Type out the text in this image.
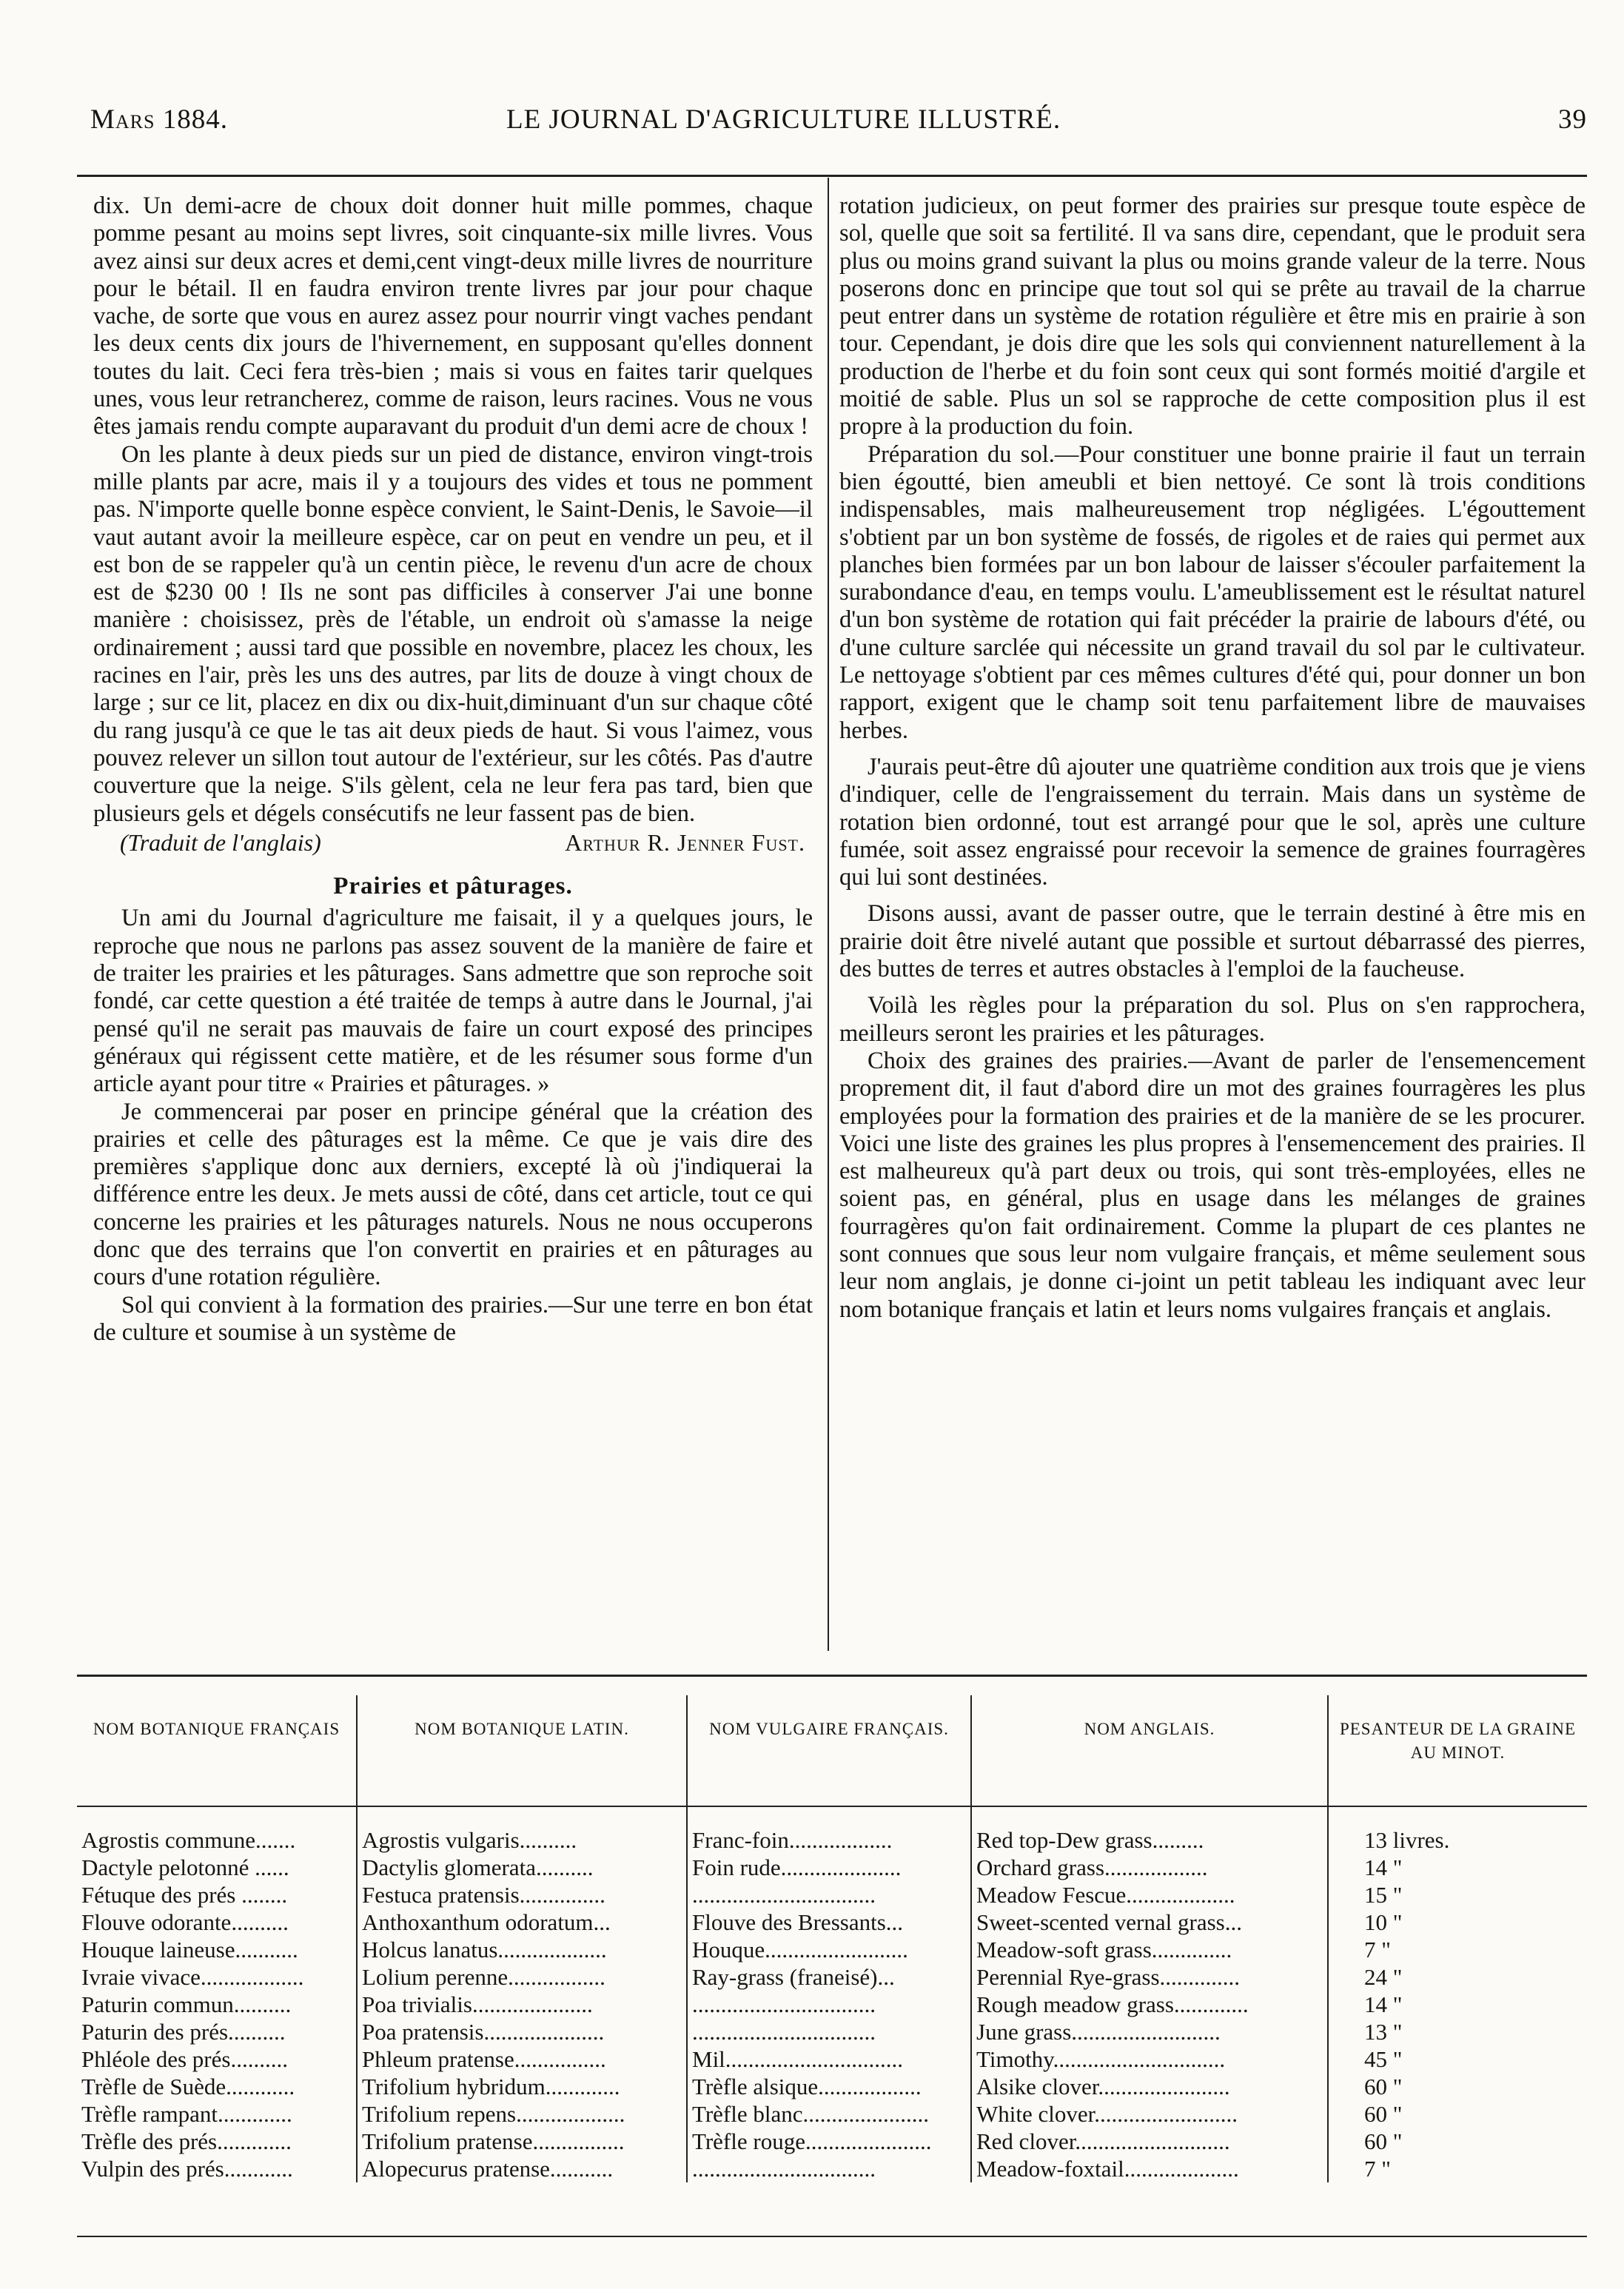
Mars 1884.	LE JOURNAL D'AGRICULTURE ILLUSTRÉ.	39

dix. Un demi-acre de choux doit donner huit mille pommes, chaque pomme pesant au moins sept livres, soit cinquante-six mille livres. Vous avez ainsi sur deux acres et demi,cent vingt-deux mille livres de nourriture pour le bétail. Il en faudra environ trente livres par jour pour chaque vache, de sorte que vous en aurez assez pour nourrir vingt vaches pendant les deux cents dix jours de l'hivernement, en supposant qu'elles donnent toutes du lait. Ceci fera très-bien ; mais si vous en faites tarir quelques unes, vous leur retrancherez, comme de raison, leurs racines. Vous ne vous êtes jamais rendu compte auparavant du produit d'un demi acre de choux !

On les plante à deux pieds sur un pied de distance, environ vingt-trois mille plants par acre, mais il y a toujours des vides et tous ne pomment pas. N'importe quelle bonne espèce convient, le Saint-Denis, le Savoie—il vaut autant avoir la meilleure espèce, car on peut en vendre un peu, et il est bon de se rappeler qu'à un centin pièce, le revenu d'un acre de choux est de $230 00 ! Ils ne sont pas difficiles à conserver J'ai une bonne manière : choisissez, près de l'étable, un endroit où s'amasse la neige ordinairement ; aussi tard que possible en novembre, placez les choux, les racines en l'air, près les uns des autres, par lits de douze à vingt choux de large ; sur ce lit, placez en dix ou dix-huit,diminuant d'un sur chaque côté du rang jusqu'à ce que le tas ait deux pieds de haut. Si vous l'aimez, vous pouvez relever un sillon tout autour de l'extérieur, sur les côtés. Pas d'autre couverture que la neige. S'ils gèlent, cela ne leur fera pas tard, bien que plusieurs gels et dégels consécutifs ne leur fassent pas de bien.

(Traduit de l'anglais)	Arthur R. Jenner Fust.
Prairies et pâturages.

Un ami du Journal d'agriculture me faisait, il y a quelques jours, le reproche que nous ne parlons pas assez souvent de la manière de faire et de traiter les prairies et les pâturages. Sans admettre que son reproche soit fondé, car cette question a été traitée de temps à autre dans le Journal, j'ai pensé qu'il ne serait pas mauvais de faire un court exposé des principes généraux qui régissent cette matière, et de les résumer sous forme d'un article ayant pour titre « Prairies et pâturages. »

Je commencerai par poser en principe général que la création des prairies et celle des pâturages est la même. Ce que je vais dire des premières s'applique donc aux derniers, excepté là où j'indiquerai la différence entre les deux. Je mets aussi de côté, dans cet article, tout ce qui concerne les prairies et les pâturages naturels. Nous ne nous occuperons donc que des terrains que l'on convertit en prairies et en pâturages au cours d'une rotation régulière.

Sol qui convient à la formation des prairies.—Sur une terre en bon état de culture et soumise à un système de

rotation judicieux, on peut former des prairies sur presque toute espèce de sol, quelle que soit sa fertilité. Il va sans dire, cependant, que le produit sera plus ou moins grand suivant la plus ou moins grande valeur de la terre. Nous poserons donc en principe que tout sol qui se prête au travail de la charrue peut entrer dans un système de rotation régulière et être mis en prairie à son tour. Cependant, je dois dire que les sols qui conviennent naturellement à la production de l'herbe et du foin sont ceux qui sont formés moitié d'argile et moitié de sable. Plus un sol se rapproche de cette composition plus il est propre à la production du foin.

Préparation du sol.—Pour constituer une bonne prairie il faut un terrain bien égoutté, bien ameubli et bien nettoyé. Ce sont là trois conditions indispensables, mais malheureusement trop négligées. L'égouttement s'obtient par un bon système de fossés, de rigoles et de raies qui permet aux planches bien formées par un bon labour de laisser s'écouler parfaitement la surabondance d'eau, en temps voulu. L'ameublissement est le résultat naturel d'un bon système de rotation qui fait précéder la prairie de labours d'été, ou d'une culture sarclée qui nécessite un grand travail du sol par le cultivateur. Le nettoyage s'obtient par ces mêmes cultures d'été qui, pour donner un bon rapport, exigent que le champ soit tenu parfaitement libre de mauvaises herbes.

J'aurais peut-être dû ajouter une quatrième condition aux trois que je viens d'indiquer, celle de l'engraissement du terrain. Mais dans un système de rotation bien ordonné, tout est arrangé pour que le sol, après une culture fumée, soit assez engraissé pour recevoir la semence de graines fourragères qui lui sont destinées.

Disons aussi, avant de passer outre, que le terrain destiné à être mis en prairie doit être nivelé autant que possible et surtout débarrassé des pierres, des buttes de terres et autres obstacles à l'emploi de la faucheuse.

Voilà les règles pour la préparation du sol. Plus on s'en rapprochera, meilleurs seront les prairies et les pâturages.

Choix des graines des prairies.—Avant de parler de l'ensemencement proprement dit, il faut d'abord dire un mot des graines fourragères les plus employées pour la formation des prairies et de la manière de se les procurer. Voici une liste des graines les plus propres à l'ensemencement des prairies. Il est malheureux qu'à part deux ou trois, qui sont très-employées, elles ne soient pas, en général, plus en usage dans les mélanges de graines fourragères qu'on fait ordinairement. Comme la plupart de ces plantes ne sont connues que sous leur nom vulgaire français, et même seulement sous leur nom anglais, je donne ci-joint un petit tableau les indiquant avec leur nom botanique français et latin et leurs noms vulgaires français et anglais.

NOM BOTANIQUE FRANÇAIS	NOM BOTANIQUE LATIN.	NOM VULGAIRE FRANÇAIS.	NOM ANGLAIS.	PESANTEUR DE LA GRAINE AU MINOT.
Agrostis commune.......	Agrostis vulgaris..........	Franc-foin..................	Red top-Dew grass.........	13 livres.
Dactyle pelotonné ......	Dactylis glomerata..........	Foin rude.....................	Orchard grass..................	14 "
Fétuque des prés ........	Festuca pratensis...............	................................	Meadow Fescue...................	15 "
Flouve odorante..........	Anthoxanthum odoratum...	Flouve des Bressants...	Sweet-scented vernal grass...	10 "
Houque laineuse...........	Holcus lanatus...................	Houque.........................	Meadow-soft grass..............	7 "
Ivraie vivace..................	Lolium perenne.................	Ray-grass (franeisé)...	Perennial Rye-grass..............	24 "
Paturin commun..........	Poa trivialis.....................	................................	Rough meadow grass.............	14 "
Paturin des prés..........	Poa pratensis.....................	................................	June grass..........................	13 "
Phléole des prés..........	Phleum pratense................	Mil...............................	Timothy..............................	45 "
Trèfle de Suède............	Trifolium hybridum.............	Trèfle alsique..................	Alsike clover.......................	60 "
Trèfle rampant.............	Trifolium repens...................	Trèfle blanc......................	White clover.........................	60 "
Trèfle des prés.............	Trifolium pratense................	Trèfle rouge......................	Red clover...........................	60 "
Vulpin des prés............	Alopecurus pratense...........	................................	Meadow-foxtail....................	7 "
